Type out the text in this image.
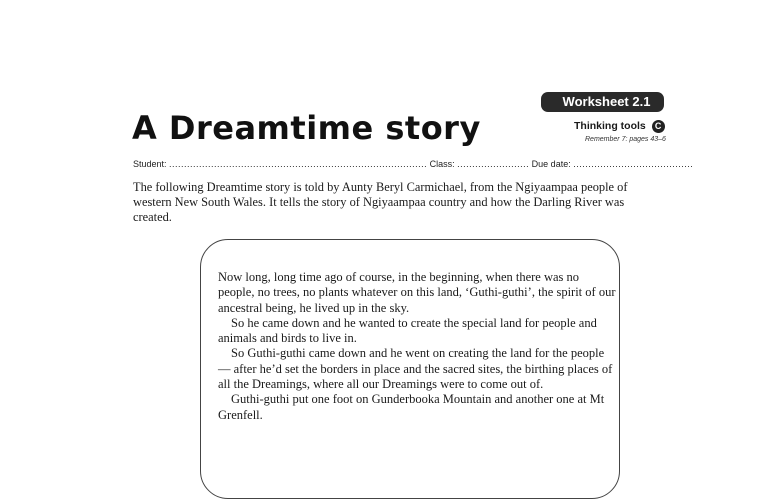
Worksheet 2.1
A Dreamtime story	Thinking tools C
Remember 7: pages 43–6
Student: ...................................................................................... Class: ........................ Due date: ........................................

The following Dreamtime story is told by Aunty Beryl Carmichael, from the Ngiyaampaa people of western New South Wales. It tells the story of Ngiyaampaa country and how the Darling River was created.

Now long, long time ago of course, in the beginning, when there was no people, no trees, no plants whatever on this land, ‘Guthi-guthi’, the spirit of our ancestral being, he lived up in the sky.

So he came down and he wanted to create the special land for people and animals and birds to live in.

So Guthi-guthi came down and he went on creating the land for the people — after he’d set the borders in place and the sacred sites, the birthing places of all the Dreamings, where all our Dreamings were to come out of.

Guthi-guthi put one foot on Gunderbooka Mountain and another one at Mt Grenfell.
